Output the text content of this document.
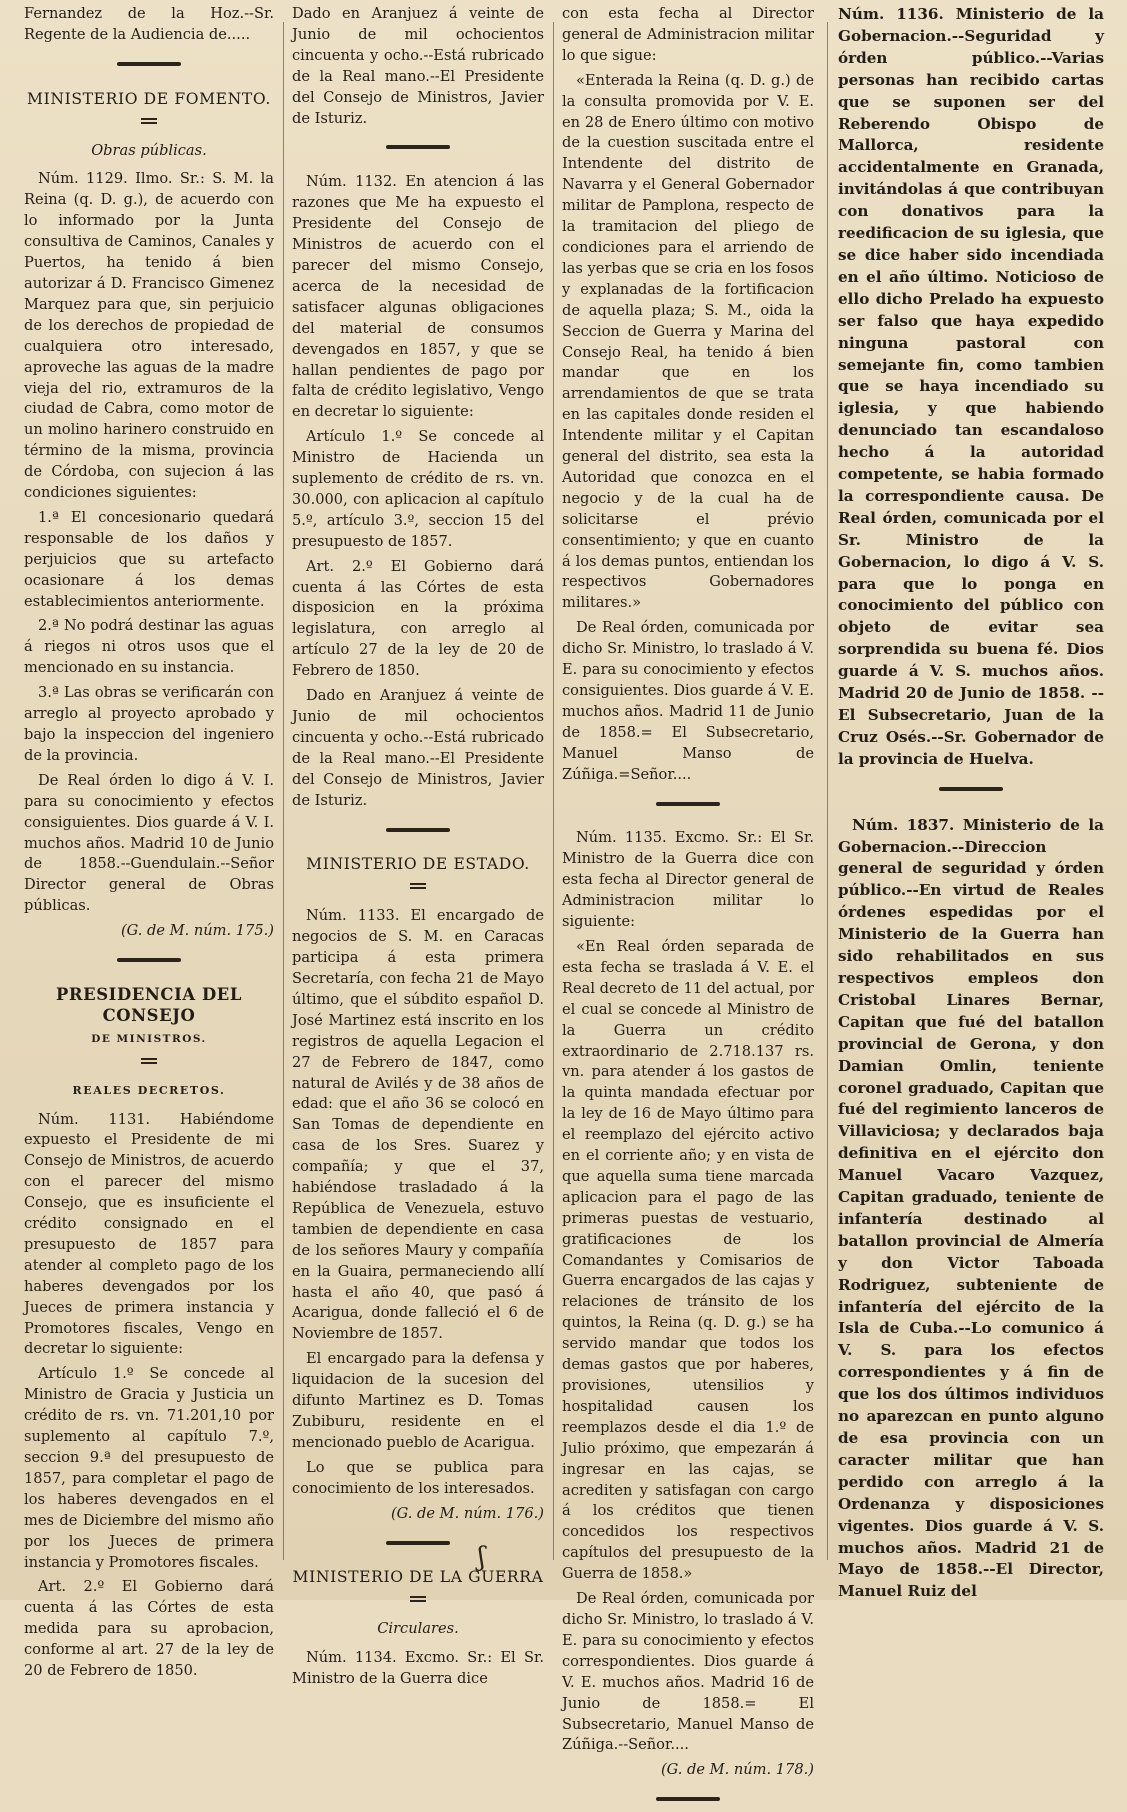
Fernandez de la Hoz.--Sr. Regente de la Audiencia de.....

MINISTERIO DE FOMENTO.

Obras públicas.

Núm. 1129. Ilmo. Sr.: S. M. la Reina (q. D. g.), de acuerdo con lo informado por la Junta consultiva de Caminos, Canales y Puertos, ha tenido á bien autorizar á D. Francisco Gimenez Marquez para que, sin perjuicio de los derechos de propiedad de cualquiera otro interesado, aproveche las aguas de la madre vieja del rio, extramuros de la ciudad de Cabra, como motor de un molino harinero construido en término de la misma, provincia de Córdoba, con sujecion á las condiciones siguientes:

1.ª El concesionario quedará responsable de los daños y perjuicios que su artefacto ocasionare á los demas establecimientos anteriormente.

2.ª No podrá destinar las aguas á riegos ni otros usos que el mencionado en su instancia.

3.ª Las obras se verificarán con arreglo al proyecto aprobado y bajo la inspeccion del ingeniero de la provincia.

De Real órden lo digo á V. I. para su conocimiento y efectos consiguientes. Dios guarde á V. I. muchos años. Madrid 10 de Junio de 1858.--Guendulain.--Señor Director general de Obras públicas.

(G. de M. núm. 175.)

PRESIDENCIA DEL CONSEJO

DE MINISTROS.

REALES DECRETOS.

Núm. 1131. Habiéndome expuesto el Presidente de mi Consejo de Ministros, de acuerdo con el parecer del mismo Consejo, que es insuficiente el crédito consignado en el presupuesto de 1857 para atender al completo pago de los haberes devengados por los Jueces de primera instancia y Promotores fiscales, Vengo en decretar lo siguiente:

Artículo 1.º Se concede al Ministro de Gracia y Justicia un crédito de rs. vn. 71.201,10 por suplemento al capítulo 7.º, seccion 9.ª del presupuesto de 1857, para completar el pago de los haberes devengados en el mes de Diciembre del mismo año por los Jueces de primera instancia y Promotores fiscales.

Art. 2.º El Gobierno dará cuenta á las Córtes de esta medida para su aprobacion, conforme al art. 27 de la ley de 20 de Febrero de 1850.

Dado en Aranjuez á veinte de Junio de mil ochocientos cincuenta y ocho.--Está rubricado de la Real mano.--El Presidente del Consejo de Ministros, Javier de Isturiz.

Núm. 1132. En atencion á las razones que Me ha expuesto el Presidente del Consejo de Ministros de acuerdo con el parecer del mismo Consejo, acerca de la necesidad de satisfacer algunas obligaciones del material de consumos devengados en 1857, y que se hallan pendientes de pago por falta de crédito legislativo, Vengo en decretar lo siguiente:

Artículo 1.º Se concede al Ministro de Hacienda un suplemento de crédito de rs. vn. 30.000, con aplicacion al capítulo 5.º, artículo 3.º, seccion 15 del presupuesto de 1857.

Art. 2.º El Gobierno dará cuenta á las Córtes de esta disposicion en la próxima legislatura, con arreglo al artículo 27 de la ley de 20 de Febrero de 1850.

Dado en Aranjuez á veinte de Junio de mil ochocientos cincuenta y ocho.--Está rubricado de la Real mano.--El Presidente del Consejo de Ministros, Javier de Isturiz.

MINISTERIO DE ESTADO.

Núm. 1133. El encargado de negocios de S. M. en Caracas participa á esta primera Secretaría, con fecha 21 de Mayo último, que el súbdito español D. José Martinez está inscrito en los registros de aquella Legacion el 27 de Febrero de 1847, como natural de Avilés y de 38 años de edad: que el año 36 se colocó en San Tomas de dependiente en casa de los Sres. Suarez y compañía; y que el 37, habiéndose trasladado á la República de Venezuela, estuvo tambien de dependiente en casa de los señores Maury y compañía en la Guaira, permaneciendo allí hasta el año 40, que pasó á Acarigua, donde falleció el 6 de Noviembre de 1857.

El encargado para la defensa y liquidacion de la sucesion del difunto Martinez es D. Tomas Zubiburu, residente en el mencionado pueblo de Acarigua.

Lo que se publica para conocimiento de los interesados.

(G. de M. núm. 176.)

MINISTERIO DE LA GUERRA

Circulares.

Núm. 1134. Excmo. Sr.: El Sr. Ministro de la Guerra dice

con esta fecha al Director general de Administracion militar lo que sigue:

«Enterada la Reina (q. D. g.) de la consulta promovida por V. E. en 28 de Enero último con motivo de la cuestion suscitada entre el Intendente del distrito de Navarra y el General Gobernador militar de Pamplona, respecto de la tramitacion del pliego de condiciones para el arriendo de las yerbas que se cria en los fosos y explanadas de la fortificacion de aquella plaza; S. M., oida la Seccion de Guerra y Marina del Consejo Real, ha tenido á bien mandar que en los arrendamientos de que se trata en las capitales donde residen el Intendente militar y el Capitan general del distrito, sea esta la Autoridad que conozca en el negocio y de la cual ha de solicitarse el prévio consentimiento; y que en cuanto á los demas puntos, entiendan los respectivos Gobernadores militares.»

De Real órden, comunicada por dicho Sr. Ministro, lo traslado á V. E. para su conocimiento y efectos consiguientes. Dios guarde á V. E. muchos años. Madrid 11 de Junio de 1858.= El Subsecretario, Manuel Manso de Zúñiga.=Señor....

Núm. 1135. Excmo. Sr.: El Sr. Ministro de la Guerra dice con esta fecha al Director general de Administracion militar lo siguiente:

«En Real órden separada de esta fecha se traslada á V. E. el Real decreto de 11 del actual, por el cual se concede al Ministro de la Guerra un crédito extraordinario de 2.718.137 rs. vn. para atender á los gastos de la quinta mandada efectuar por la ley de 16 de Mayo último para el reemplazo del ejército activo en el corriente año; y en vista de que aquella suma tiene marcada aplicacion para el pago de las primeras puestas de vestuario, gratificaciones de los Comandantes y Comisarios de Guerra encargados de las cajas y relaciones de tránsito de los quintos, la Reina (q. D. g.) se ha servido mandar que todos los demas gastos que por haberes, provisiones, utensilios y hospitalidad causen los reemplazos desde el dia 1.º de Julio próximo, que empezarán á ingresar en las cajas, se acrediten y satisfagan con cargo á los créditos que tienen concedidos los respectivos capítulos del presupuesto de la Guerra de 1858.»

De Real órden, comunicada por dicho Sr. Ministro, lo traslado á V. E. para su conocimiento y efectos correspondientes. Dios guarde á V. E. muchos años. Madrid 16 de Junio de 1858.= El Subsecretario, Manuel Manso de Zúñiga.--Señor....

(G. de M. núm. 178.)

Núm. 1136. Ministerio de la Gobernacion.--Seguridad y órden público.--Varias personas han recibido cartas que se suponen ser del Reberendo Obispo de Mallorca, residente accidentalmente en Granada, invitándolas á que contribuyan con donativos para la reedificacion de su iglesia, que se dice haber sido incendiada en el año último. Noticioso de ello dicho Prelado ha expuesto ser falso que haya expedido ninguna pastoral con semejante fin, como tambien que se haya incendiado su iglesia, y que habiendo denunciado tan escandaloso hecho á la autoridad competente, se habia formado la correspondiente causa. De Real órden, comunicada por el Sr. Ministro de la Gobernacion, lo digo á V. S. para que lo ponga en conocimiento del público con objeto de evitar sea sorprendida su buena fé. Dios guarde á V. S. muchos años. Madrid 20 de Junio de 1858. --El Subsecretario, Juan de la Cruz Osés.--Sr. Gobernador de la provincia de Huelva.

Núm. 1837. Ministerio de la Gobernacion.--Direccion general de seguridad y órden público.--En virtud de Reales órdenes espedidas por el Ministerio de la Guerra han sido rehabilitados en sus respectivos empleos don Cristobal Linares Bernar, Capitan que fué del batallon provincial de Gerona, y don Damian Omlin, teniente coronel graduado, Capitan que fué del regimiento lanceros de Villaviciosa; y declarados baja definitiva en el ejército don Manuel Vacaro Vazquez, Capitan graduado, teniente de infantería destinado al batallon provincial de Almería y don Victor Taboada Rodriguez, subteniente de infantería del ejército de la Isla de Cuba.--Lo comunico á V. S. para los efectos correspondientes y á fin de que los dos últimos individuos no aparezcan en punto alguno de esa provincia con un caracter militar que han perdido con arreglo á la Ordenanza y disposiciones vigentes. Dios guarde á V. S. muchos años. Madrid 21 de Mayo de 1858.--El Director, Manuel Ruiz del

ʃ
